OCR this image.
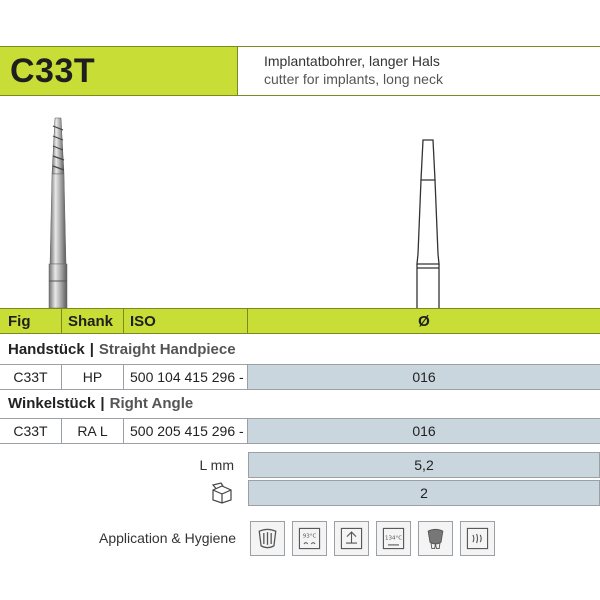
C33T	Implantatbohrer, langer Hals
cutter for implants, long neck
Fig	Shank	ISO	Ø
Handstück | Straight Handpiece
C33T	HP	500 104 415 296 -	016
Winkelstück | Right Angle
C33T	RA L	500 205 415 296 -	016
L mm	5,2
2
Application & Hygiene	93°C	134°C
